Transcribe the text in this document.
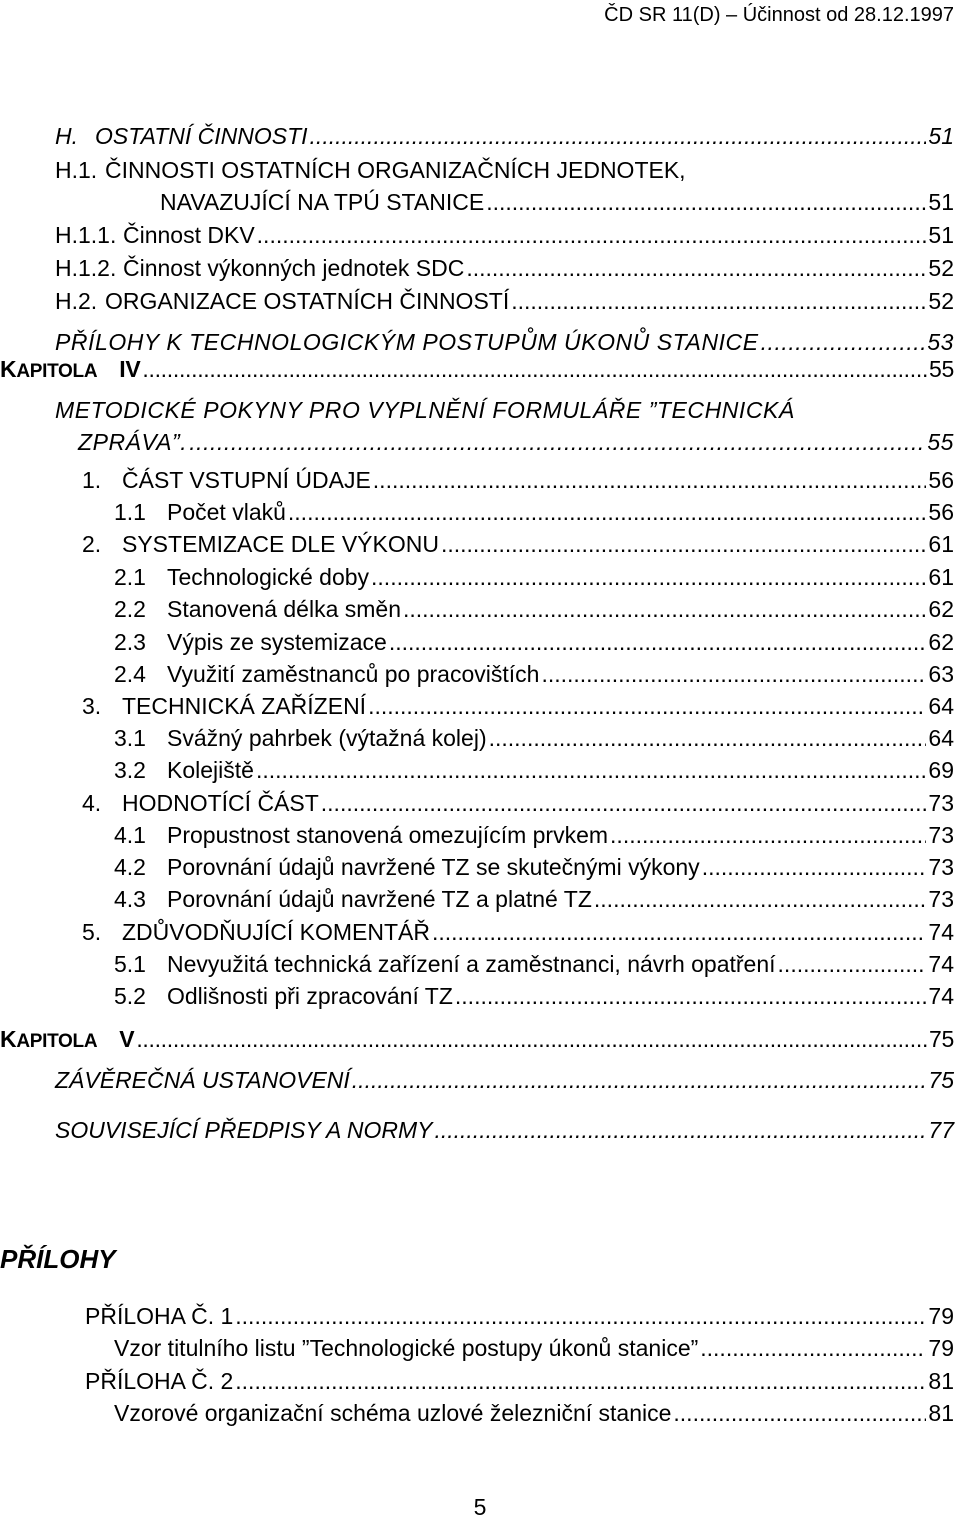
ČD SR 11(D) – Účinnost od 28.12.1997
H. OSTATNÍ ČINNOSTI .....	51
H.1. ČINNOSTI OSTATNÍCH ORGANIZAČNÍCH JEDNOTEK,
NAVAZUJÍCÍ NA TPÚ STANICE .....	51
H.1.1. Činnost DKV .....	51
H.1.2. Činnost výkonných jednotek SDC .....	52
H.2. ORGANIZACE OSTATNÍCH ČINNOSTÍ .....	52
PŘÍLOHY K TECHNOLOGICKÝM POSTUPŮM ÚKONŮ STANICE .....	53
KAPITOLA IV .....	55
METODICKÉ POKYNY PRO VYPLNĚNÍ FORMULÁŘE ”TECHNICKÁ
ZPRÁVA”. .....	55
1. ČÁST VSTUPNÍ ÚDAJE .....	56
1.1 Počet vlaků .....	56
2. SYSTEMIZACE DLE VÝKONU .....	61
2.1 Technologické doby .....	61
2.2 Stanovená délka směn .....	62
2.3 Výpis ze systemizace .....	62
2.4 Využití zaměstnanců po pracovištích .....	63
3. TECHNICKÁ ZAŘÍZENÍ .....	64
3.1 Svážný pahrbek (výtažná kolej) .....	64
3.2 Kolejiště .....	69
4. HODNOTÍCÍ ČÁST .....	73
4.1 Propustnost stanovená omezujícím prvkem .....	73
4.2 Porovnání údajů navržené TZ se skutečnými výkony .....	73
4.3 Porovnání údajů navržené TZ a platné TZ .....	73
5. ZDŮVODŇUJÍCÍ KOMENTÁŘ .....	74
5.1 Nevyužitá technická zařízení a zaměstnanci, návrh opatření .....	74
5.2 Odlišnosti při zpracování TZ .....	74
KAPITOLA V .....	75
ZÁVĚREČNÁ USTANOVENÍ .....	75
SOUVISEJÍCÍ PŘEDPISY A NORMY .....	77
PŘÍLOHY
PŘÍLOHA Č. 1 .....	79
Vzor titulního listu ”Technologické postupy úkonů stanice” .....	79
PŘÍLOHA Č. 2 .....	81
Vzorové organizační schéma uzlové železniční stanice .....	81
5
